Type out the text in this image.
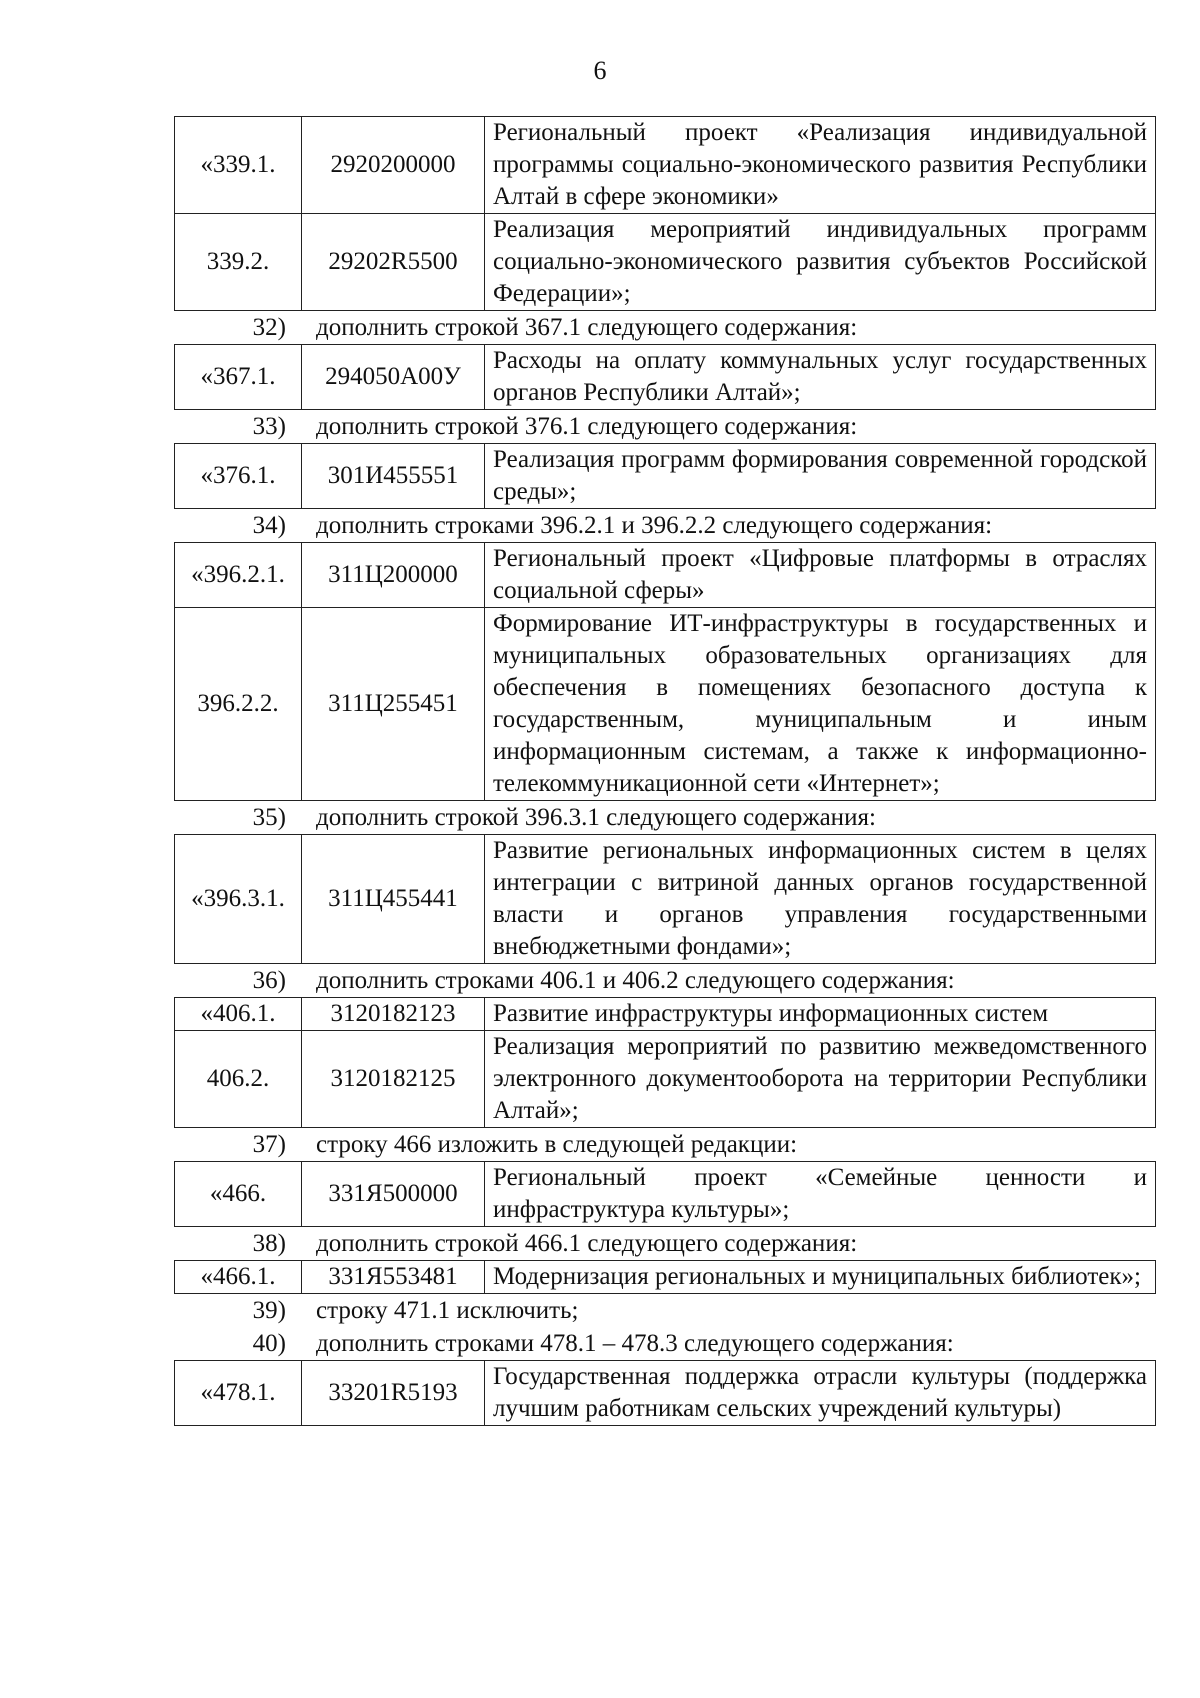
6
«339.1.	2920200000	Региональный проект «Реализация индивидуальной программы социально-экономического развития Республики Алтай в сфере экономики»
339.2.	29202R5500	Реализация мероприятий индивидуальных программ социально-экономического развития субъектов Российской Федерации»;
32)	дополнить строкой 367.1 следующего содержания:
«367.1.	294050А00У	Расходы на оплату коммунальных услуг государственных органов Республики Алтай»;
33)	дополнить строкой 376.1 следующего содержания:
«376.1.	301И455551	Реализация программ формирования современной городской среды»;
34)	дополнить строками 396.2.1 и 396.2.2 следующего содержания:
«396.2.1.	311Ц200000	Региональный проект «Цифровые платформы в отраслях социальной сферы»
396.2.2.	311Ц255451	Формирование ИТ-инфраструктуры в государственных и муниципальных образовательных организациях для обеспечения в помещениях безопасного доступа к государственным, муниципальным и иным информационным системам, а также к информационно-телекоммуникационной сети «Интернет»;
35)	дополнить строкой 396.3.1 следующего содержания:
«396.3.1.	311Ц455441	Развитие региональных информационных систем в целях интеграции с витриной данных органов государственной власти и органов управления государственными внебюджетными фондами»;
36)	дополнить строками 406.1 и 406.2 следующего содержания:
«406.1.	3120182123	Развитие инфраструктуры информационных систем
406.2.	3120182125	Реализация мероприятий по развитию межведомственного электронного документооборота на территории Республики Алтай»;
37)	строку 466 изложить в следующей редакции:
«466.	331Я500000	Региональный проект «Семейные ценности и инфраструктура культуры»;
38)	дополнить строкой 466.1 следующего содержания:
«466.1.	331Я553481	Модернизация региональных и муниципальных библиотек»;
39)	строку 471.1 исключить;
40)	дополнить строками 478.1 – 478.3 следующего содержания:
«478.1.	33201R5193	Государственная поддержка отрасли культуры (поддержка лучшим работникам сельских учреждений культуры)
